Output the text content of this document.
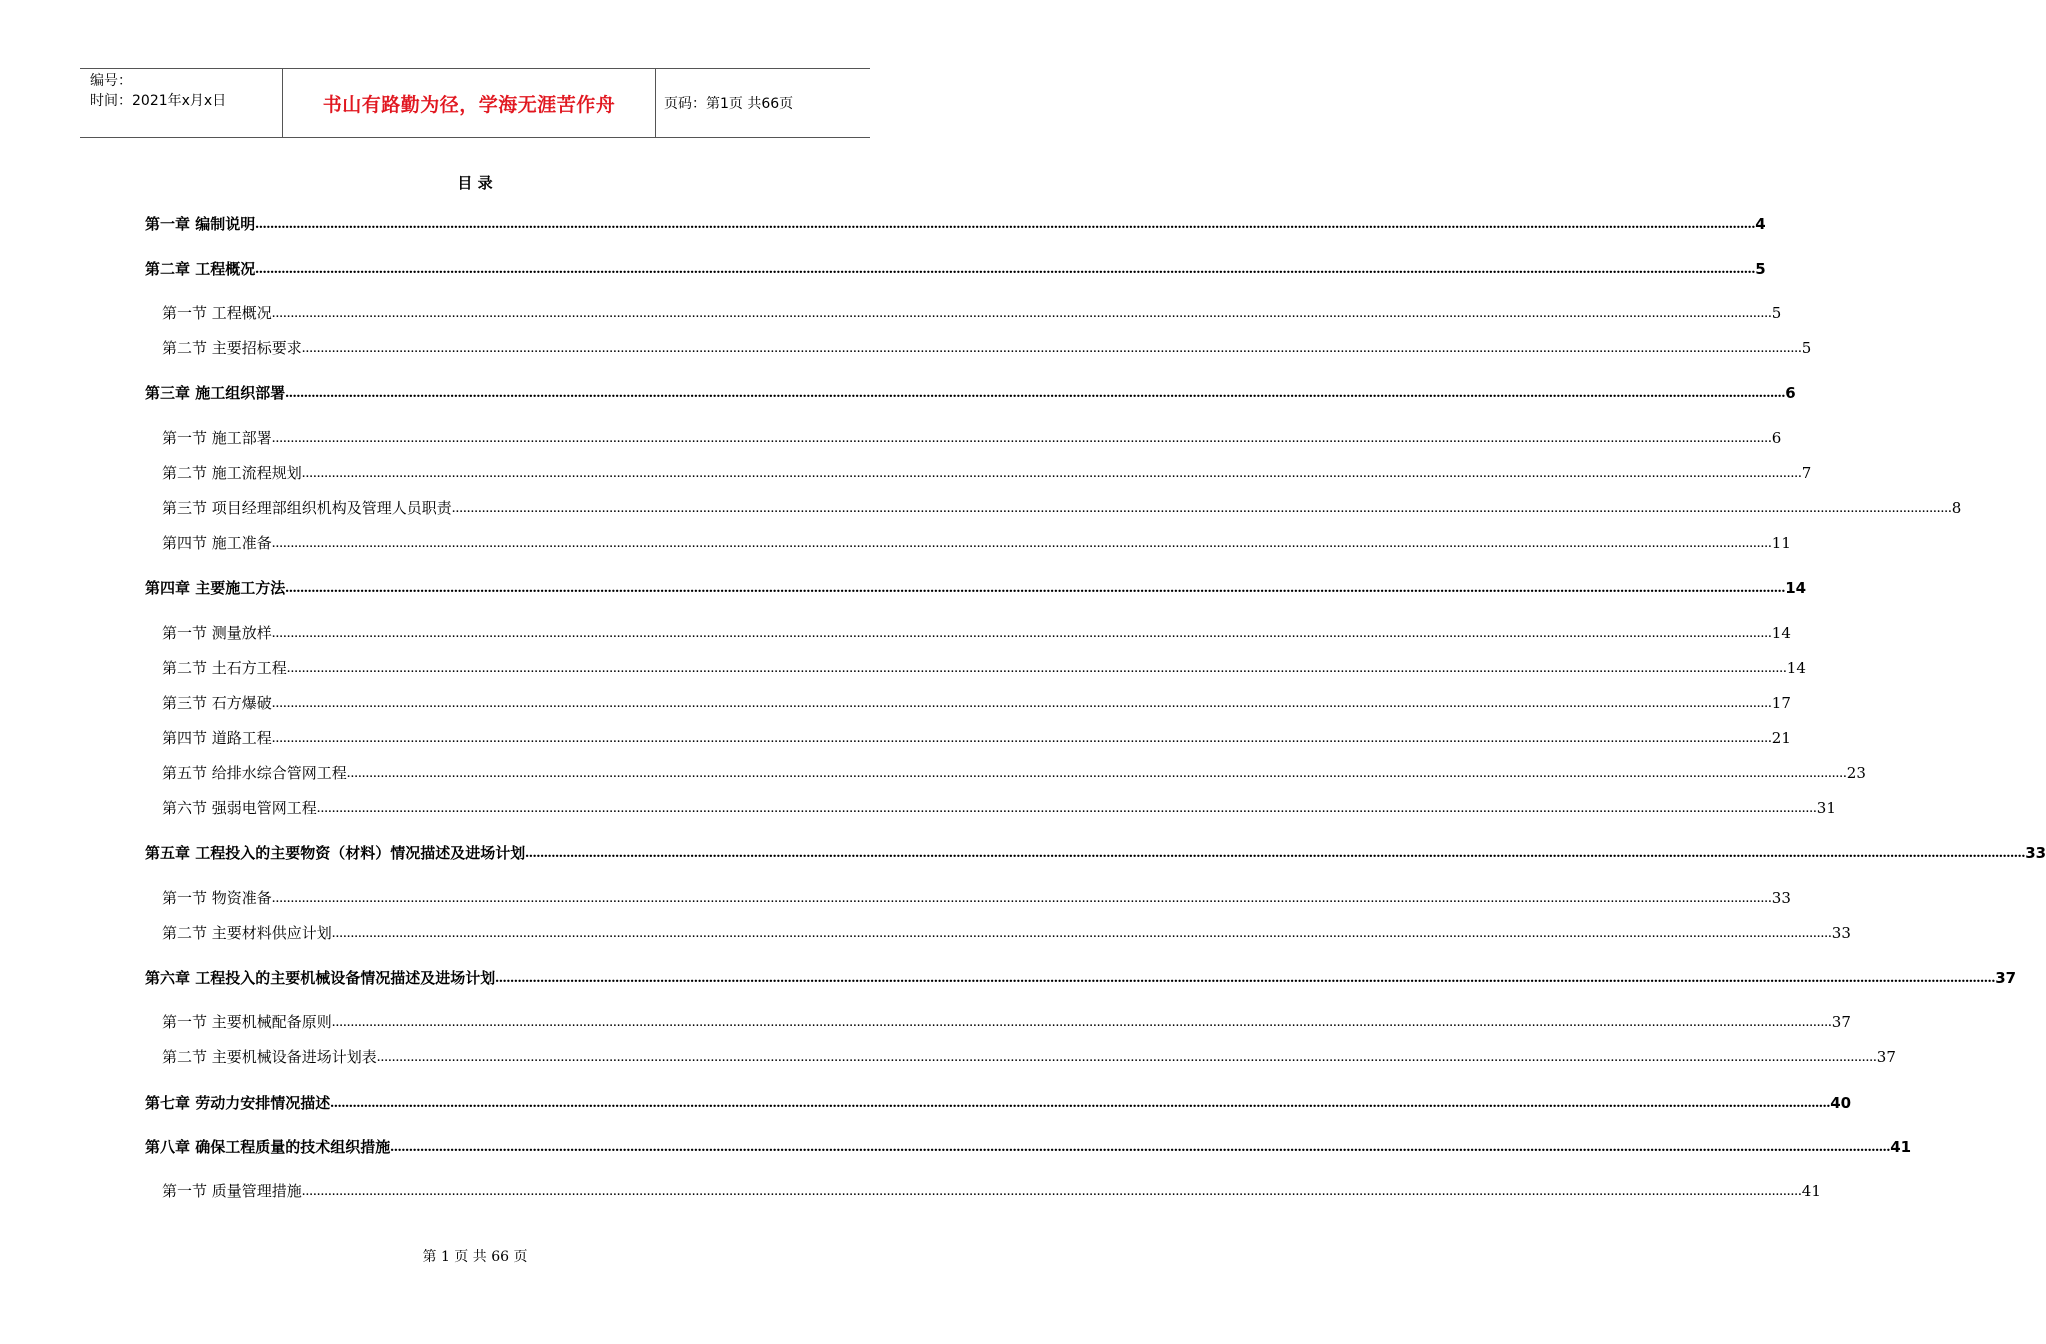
编号：
时间：2021年x月x日	书山有路勤为径，学海无涯苦作舟	页码：第1页 共66页
目 录
第一章 编制说明 ................................................................................................................................................................................................................................................................................................................................................................................................................ 4
第二章 工程概况 ................................................................................................................................................................................................................................................................................................................................................................................................................ 5
第一节 工程概况 ................................................................................................................................................................................................................................................................................................................................................................................................................ 5
第二节 主要招标要求 ................................................................................................................................................................................................................................................................................................................................................................................................................ 5
第三章 施工组织部署 ................................................................................................................................................................................................................................................................................................................................................................................................................ 6
第一节 施工部署 ................................................................................................................................................................................................................................................................................................................................................................................................................ 6
第二节 施工流程规划 ................................................................................................................................................................................................................................................................................................................................................................................................................ 7
第三节 项目经理部组织机构及管理人员职责 ................................................................................................................................................................................................................................................................................................................................................................................................................ 8
第四节 施工准备 ................................................................................................................................................................................................................................................................................................................................................................................................................ 11
第四章 主要施工方法 ................................................................................................................................................................................................................................................................................................................................................................................................................ 14
第一节 测量放样 ................................................................................................................................................................................................................................................................................................................................................................................................................ 14
第二节 土石方工程 ................................................................................................................................................................................................................................................................................................................................................................................................................ 14
第三节 石方爆破 ................................................................................................................................................................................................................................................................................................................................................................................................................ 17
第四节 道路工程 ................................................................................................................................................................................................................................................................................................................................................................................................................ 21
第五节 给排水综合管网工程 ................................................................................................................................................................................................................................................................................................................................................................................................................ 23
第六节 强弱电管网工程 ................................................................................................................................................................................................................................................................................................................................................................................................................ 31
第五章 工程投入的主要物资（材料）情况描述及进场计划 ................................................................................................................................................................................................................................................................................................................................................................................................................ 33
第一节 物资准备 ................................................................................................................................................................................................................................................................................................................................................................................................................ 33
第二节 主要材料供应计划 ................................................................................................................................................................................................................................................................................................................................................................................................................ 33
第六章 工程投入的主要机械设备情况描述及进场计划 ................................................................................................................................................................................................................................................................................................................................................................................................................ 37
第一节 主要机械配备原则 ................................................................................................................................................................................................................................................................................................................................................................................................................ 37
第二节 主要机械设备进场计划表 ................................................................................................................................................................................................................................................................................................................................................................................................................ 37
第七章 劳动力安排情况描述 ................................................................................................................................................................................................................................................................................................................................................................................................................ 40
第八章 确保工程质量的技术组织措施 ................................................................................................................................................................................................................................................................................................................................................................................................................ 41
第一节 质量管理措施 ................................................................................................................................................................................................................................................................................................................................................................................................................ 41
第 1 页 共 66 页
